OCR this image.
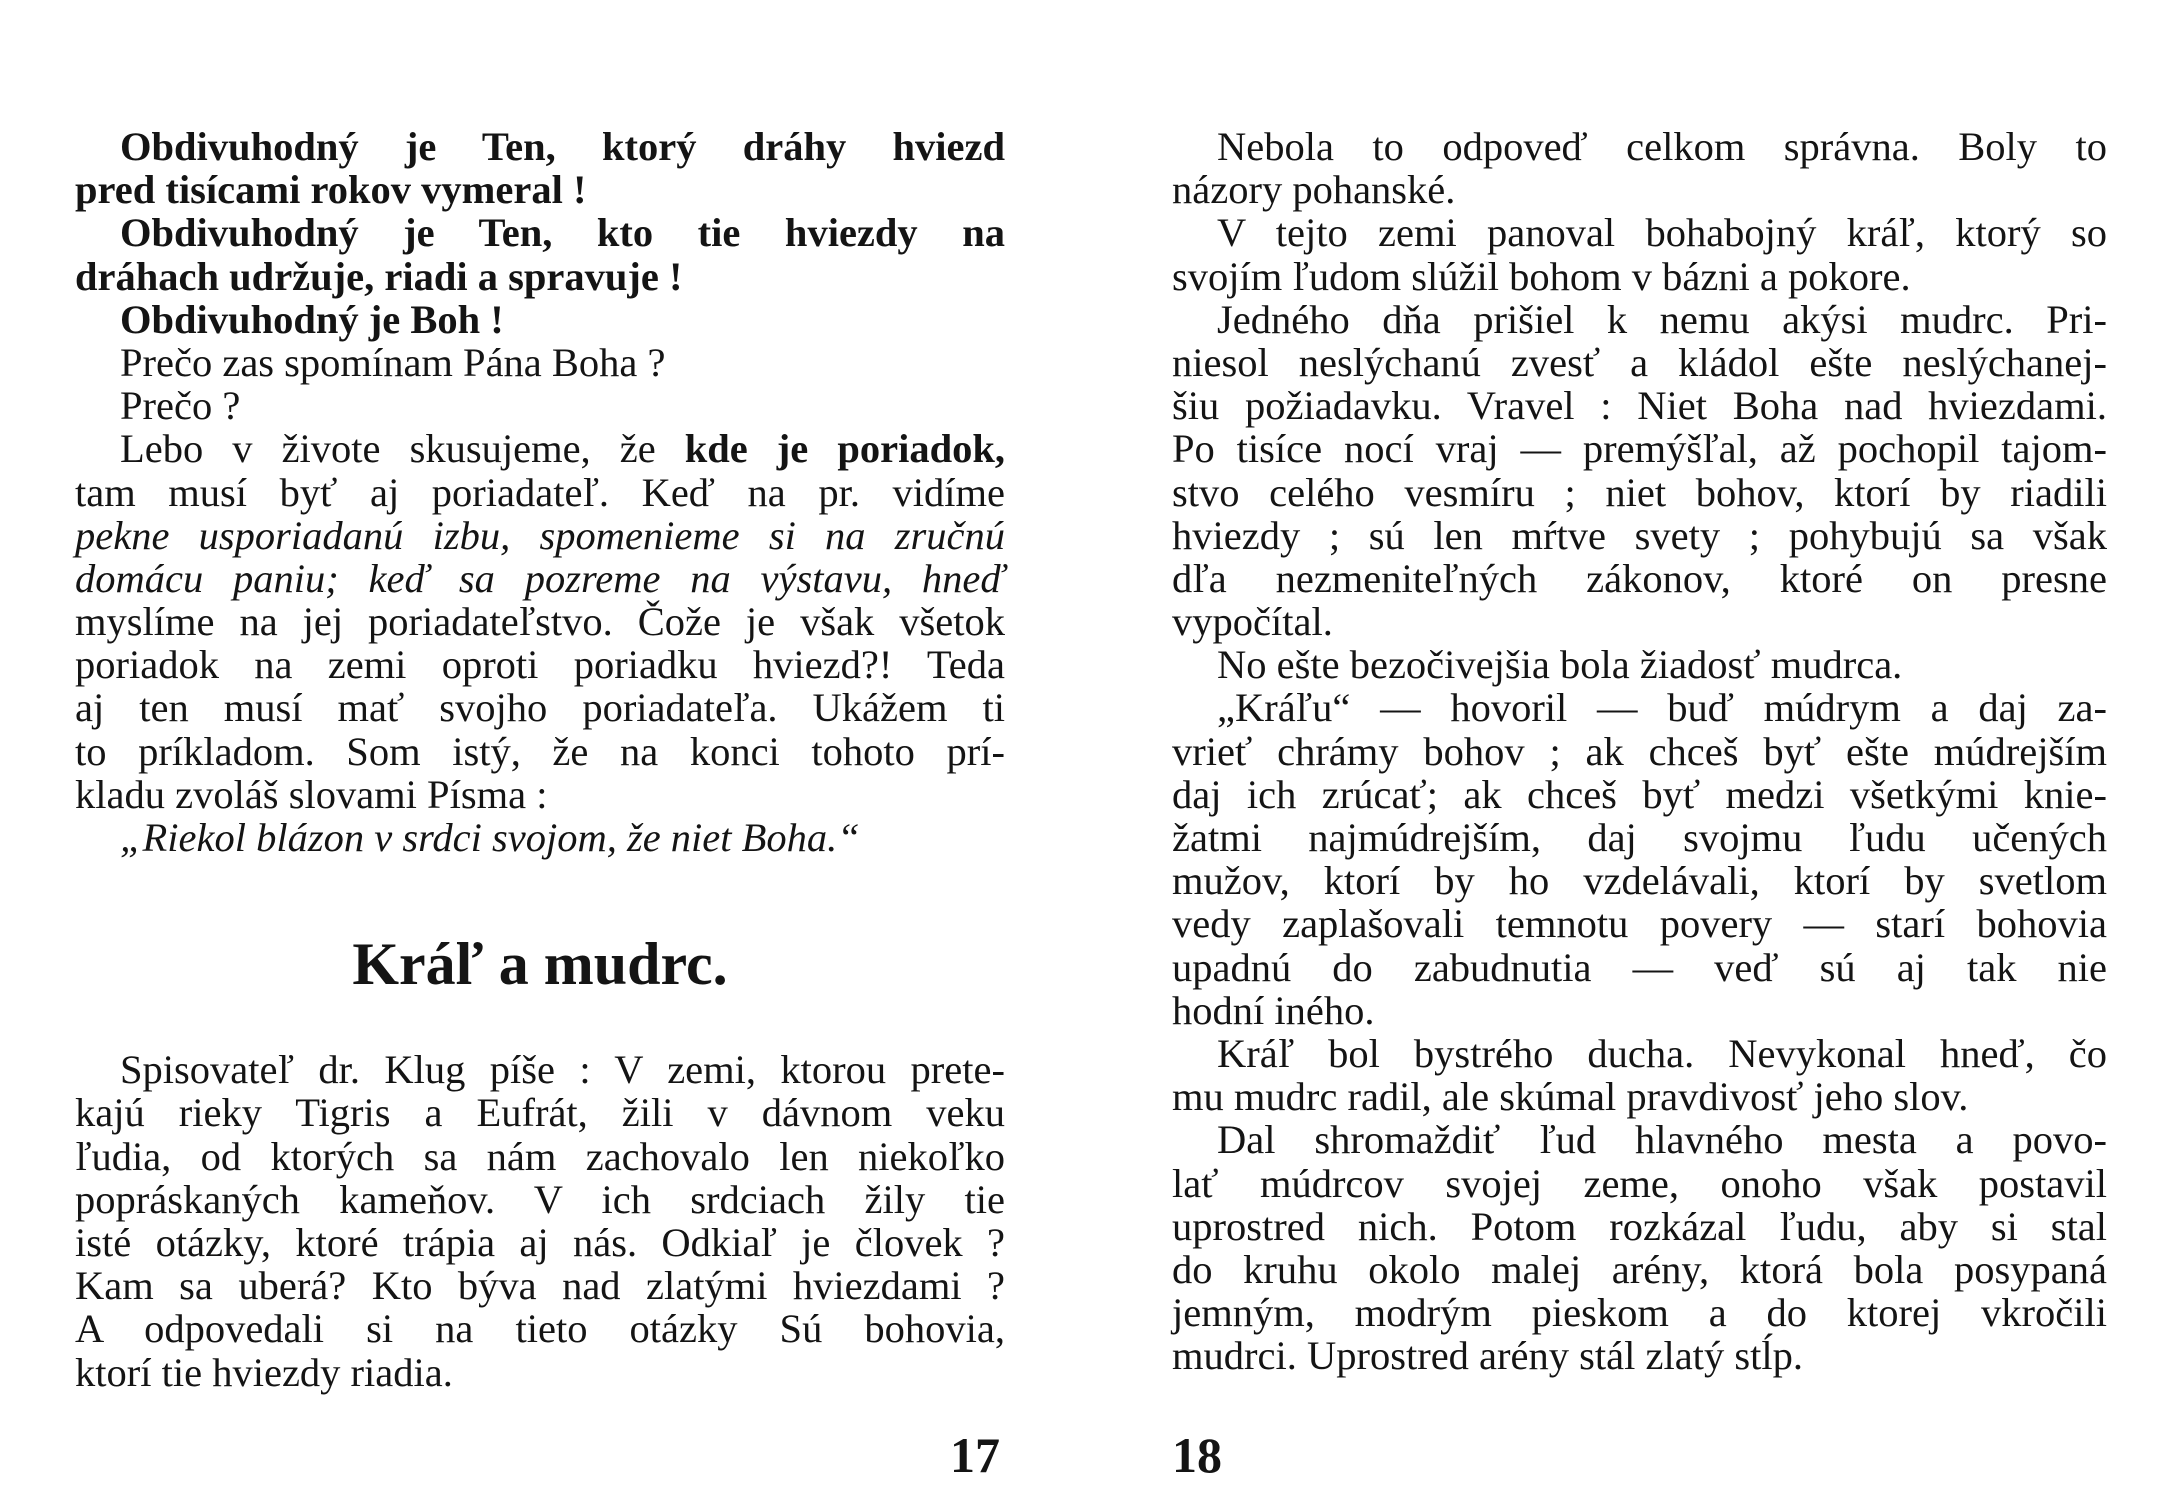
Obdivuhodný je Ten, ktorý dráhy hviezd
pred tisícami rokov vymeral !
Obdivuhodný je Ten, kto tie hviezdy na
dráhach udržuje, riadi a spravuje !
Obdivuhodný je Boh !
Prečo zas spomínam Pána Boha ?
Prečo ?
Lebo v živote skusujeme, že kde je poriadok,
tam musí byť aj poriadateľ. Keď na pr. vidíme
pekne usporiadanú izbu, spomenieme si na zručnú
domácu paniu; keď sa pozreme na výstavu, hneď
myslíme na jej poriadateľstvo. Čože je však všetok
poriadok na zemi oproti poriadku hviezd?! Teda
aj ten musí mať svojho poriadateľa. Ukážem ti
to príkladom. Som istý, že na konci tohoto prí-
kladu zvoláš slovami Písma :
„Riekol blázon v srdci svojom, že niet Boha.“
Kráľ a mudrc.
Spisovateľ dr. Klug píše : V zemi, ktorou prete-
kajú rieky Tigris a Eufrát, žili v dávnom veku
ľudia, od ktorých sa nám zachovalo len niekoľko
popráskaných kameňov. V ich srdciach žily tie
isté otázky, ktoré trápia aj nás. Odkiaľ je človek ?
Kam sa uberá? Kto býva nad zlatými hviezdami ?
A odpovedali si na tieto otázky Sú bohovia,
ktorí tie hviezdy riadia.
17
Nebola to odpoveď celkom správna. Boly to
názory pohanské.
V tejto zemi panoval bohabojný kráľ, ktorý so
svojím ľudom slúžil bohom v bázni a pokore.
Jedného dňa prišiel k nemu akýsi mudrc. Pri-
niesol neslýchanú zvesť a kládol ešte neslýchanej-
šiu požiadavku. Vravel : Niet Boha nad hviezdami.
Po tisíce nocí vraj — premýšľal, až pochopil tajom-
stvo celého vesmíru ; niet bohov, ktorí by riadili
hviezdy ; sú len mŕtve svety ; pohybujú sa však
dľa nezmeniteľných zákonov, ktoré on presne
vypočítal.
No ešte bezočivejšia bola žiadosť mudrca.
„Kráľu“ — hovoril — buď múdrym a daj za-
vrieť chrámy bohov ; ak chceš byť ešte múdrejším
daj ich zrúcať; ak chceš byť medzi všetkými knie-
žatmi najmúdrejším, daj svojmu ľudu učených
mužov, ktorí by ho vzdelávali, ktorí by svetlom
vedy zaplašovali temnotu povery — starí bohovia
upadnú do zabudnutia — veď sú aj tak nie
hodní iného.
Kráľ bol bystrého ducha. Nevykonal hneď, čo
mu mudrc radil, ale skúmal pravdivosť jeho slov.
Dal shromaždiť ľud hlavného mesta a povo-
lať múdrcov svojej zeme, onoho však postavil
uprostred nich. Potom rozkázal ľudu, aby si stal
do kruhu okolo malej arény, ktorá bola posypaná
jemným, modrým pieskom a do ktorej vkročili
mudrci. Uprostred arény stál zlatý stĺp.
18
